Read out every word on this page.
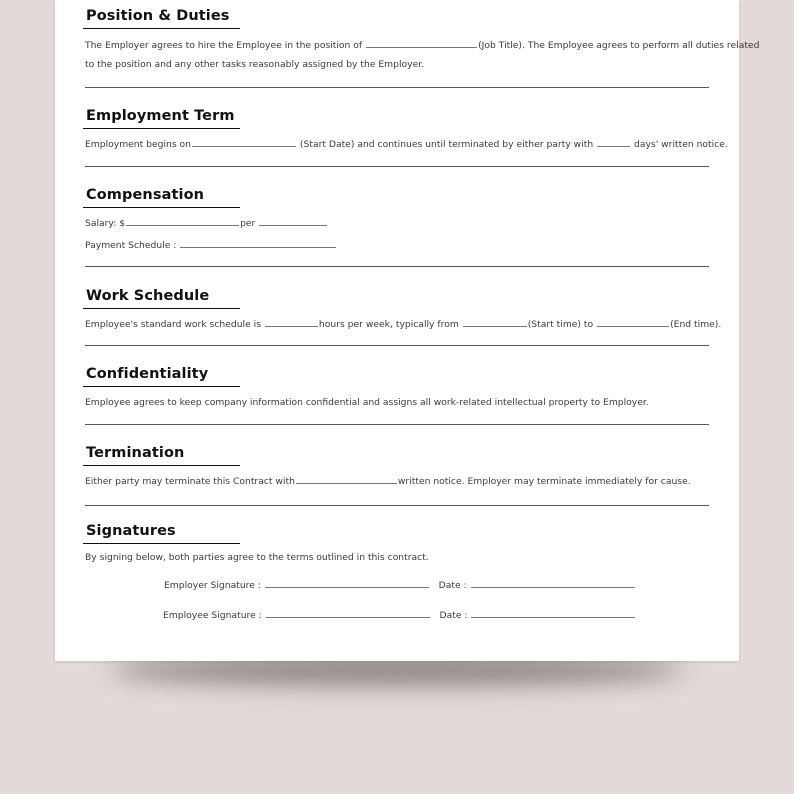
Position & Duties
The Employer agrees to hire the Employee in the position of	(Job Title). The Employee agrees to perform all duties related
to the position and any other tasks reasonably assigned by the Employer.
Employment Term
Employment begins on	(Start Date) and continues until terminated by either party with	days' written notice.
Compensation
Salary: $	per
Payment Schedule :
Work Schedule
Employee's standard work schedule is	hours per week, typically from	(Start time) to	(End time).
Confidentiality
Employee agrees to keep company information confidential and assigns all work-related intellectual property to Employer.
Termination
Either party may terminate this Contract with	written notice. Employer may terminate immediately for cause.
Signatures
By signing below, both parties agree to the terms outlined in this contract.
Employer Signature :	Date :
Employee Signature :	Date :
